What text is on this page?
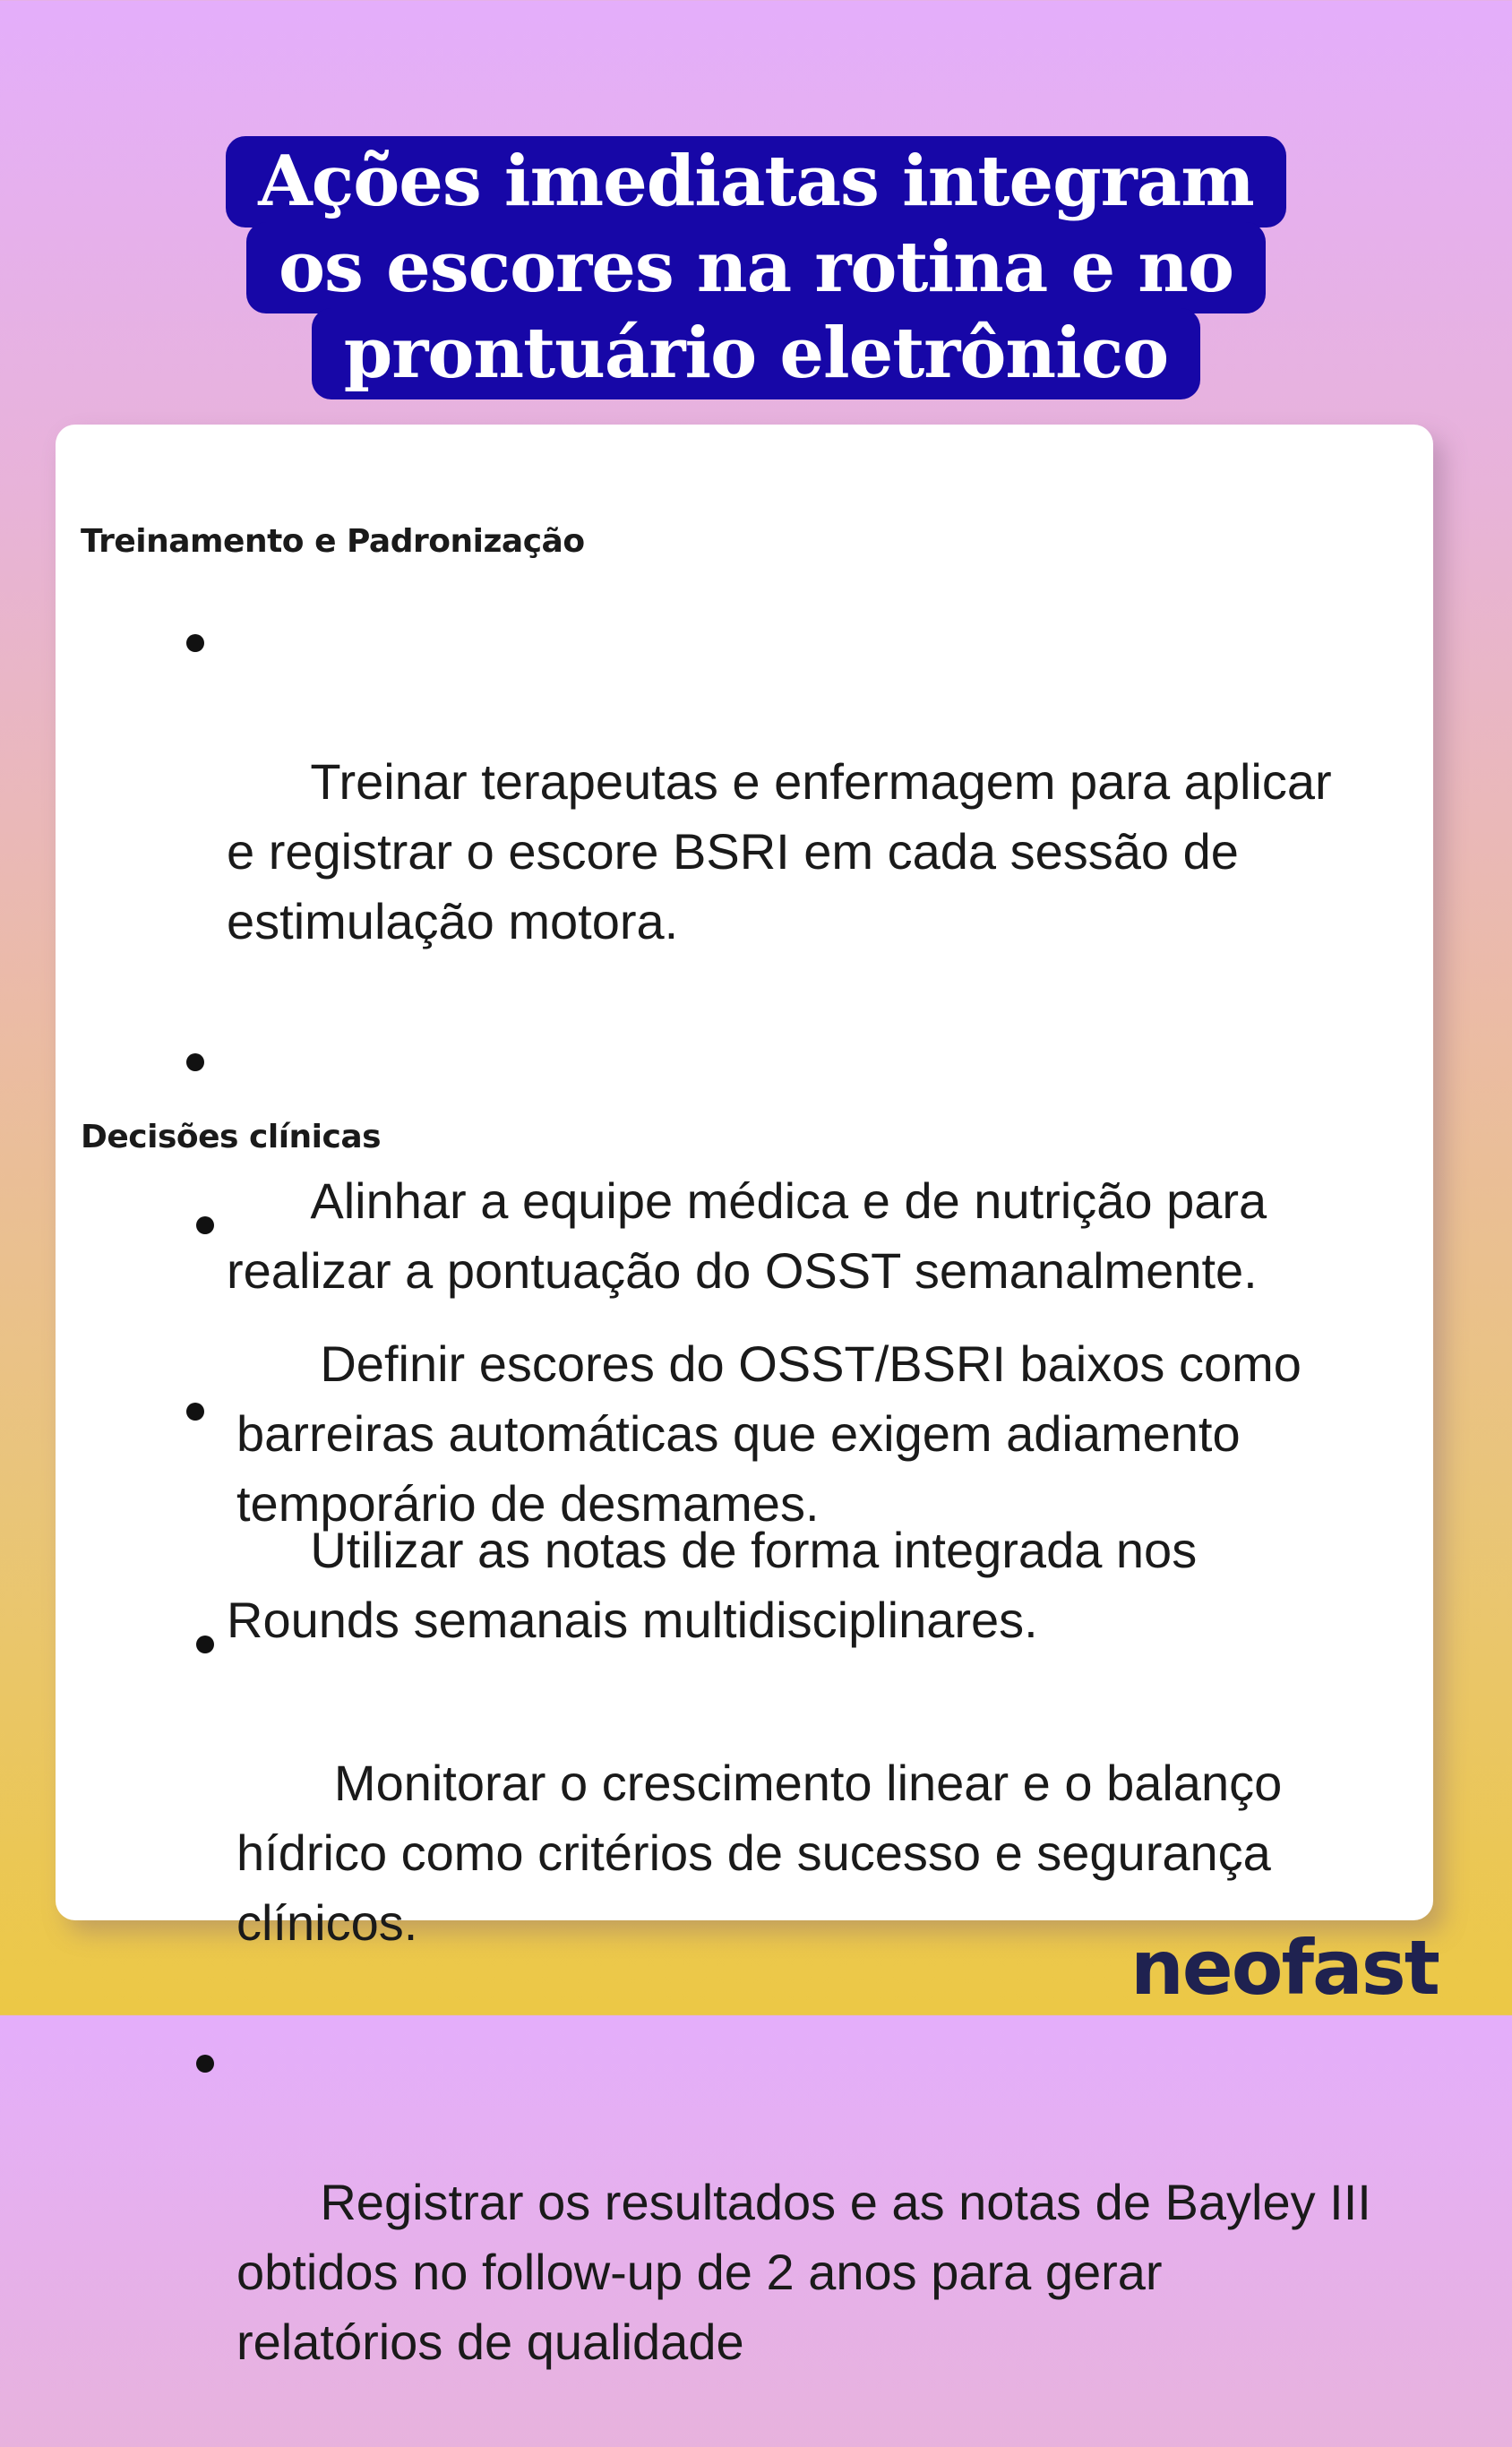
Ações imediatas integram
os escores na rotina e no
prontuário eletrônico
Treinamento e Padronização

Treinar terapeutas e enfermagem para aplicar
e registrar o escore BSRI em cada sessão de
estimulação motora.

Alinhar a equipe médica e de nutrição para
realizar a pontuação do OSST semanalmente.

Utilizar as notas de forma integrada nos
Rounds semanais multidisciplinares.

Decisões clínicas

Definir escores do OSST/BSRI baixos como
barreiras automáticas que exigem adiamento
temporário de desmames.

Monitorar o crescimento linear e o balanço
hídrico como critérios de sucesso e segurança
clínicos.

Registrar os resultados e as notas de Bayley III
obtidos no follow-up de 2 anos para gerar
relatórios de qualidade

neofast
